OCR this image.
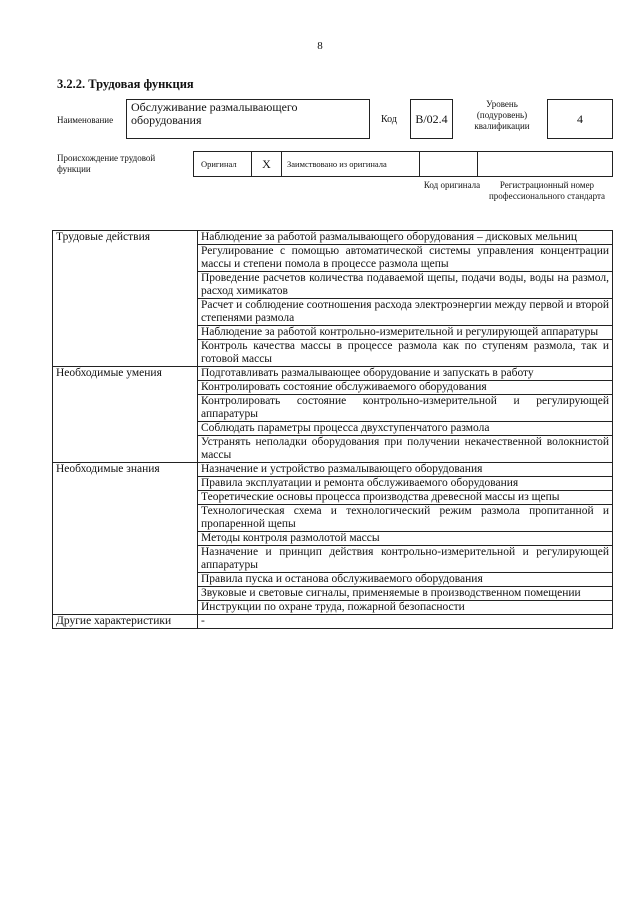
8
3.2.2. Трудовая функция
Наименование
Обслуживание размалывающего оборудования	Код	B/02.4
Уровень (подуровень) квалификации
4
Происхождение трудовой функции	Оригинал	Х	Заимствовано из оригинала
Код оригинала	Регистрационный номер профессионального стандарта
Трудовые действия	Наблюдение за работой размалывающего оборудования – дисковых мельниц
	Регулирование с помощью автоматической системы управления концентрации массы и степени помола в процессе размола щепы
	Проведение расчетов количества подаваемой щепы, подачи воды, воды на размол, расход химикатов
	Расчет и соблюдение соотношения расхода электроэнергии между первой и второй степенями размола
	Наблюдение за работой контрольно-измерительной и регулирующей аппаратуры
	Контроль качества массы в процессе размола как по ступеням размола, так и готовой массы
Необходимые умения	Подготавливать размалывающее оборудование и запускать в работу
	Контролировать состояние обслуживаемого оборудования
	Контролировать состояние контрольно-измерительной и регулирующей аппаратуры
	Соблюдать параметры процесса двухступенчатого размола
	Устранять неполадки оборудования при получении некачественной волокнистой массы
Необходимые знания	Назначение и устройство размалывающего оборудования
	Правила эксплуатации и ремонта обслуживаемого оборудования
	Теоретические основы процесса производства древесной массы из щепы
	Технологическая схема и технологический режим размола пропитанной и пропаренной щепы
	Методы контроля размолотой массы
	Назначение и принцип действия контрольно-измерительной и регулирующей аппаратуры
	Правила пуска и останова обслуживаемого оборудования
	Звуковые и световые сигналы, применяемые в производственном помещении
	Инструкции по охране труда, пожарной безопасности
Другие характеристики	-
